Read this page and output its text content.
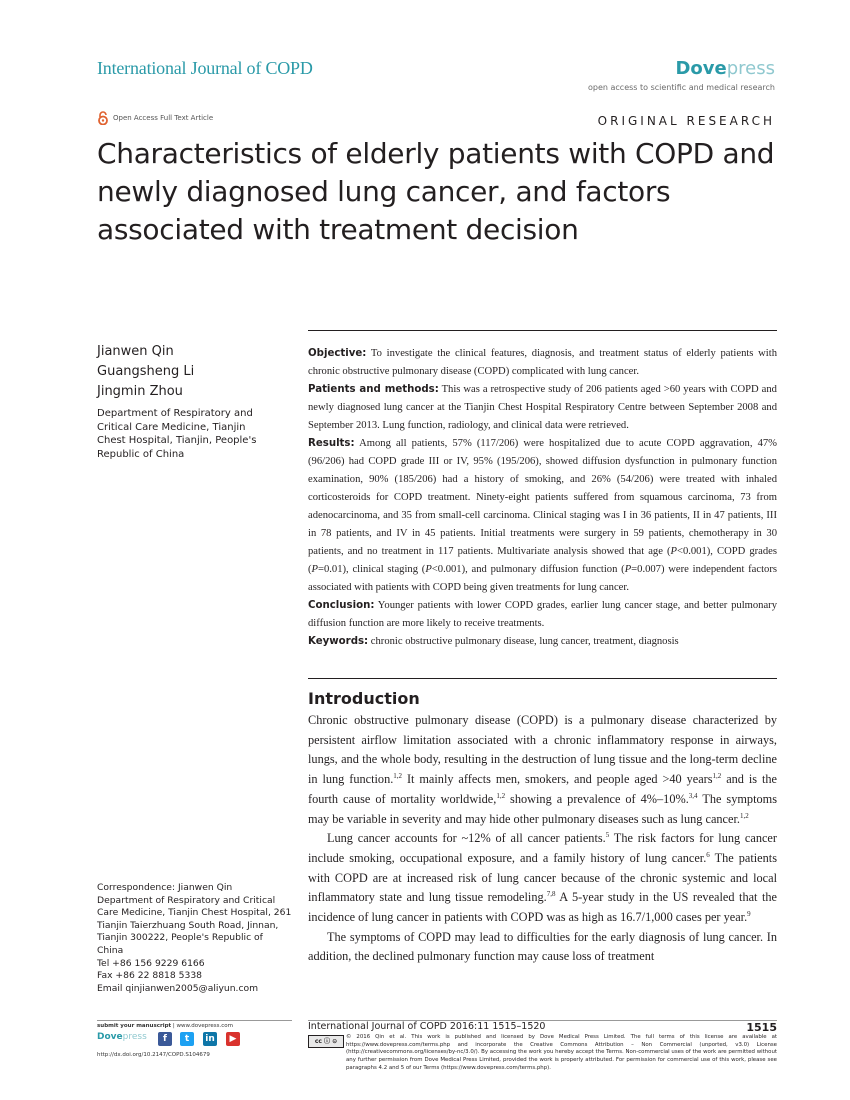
International Journal of COPD	Dovepress
open access to scientific and medical research
Open Access Full Text Article	ORIGINAL RESEARCH
Characteristics of elderly patients with COPD and newly diagnosed lung cancer, and factors associated with treatment decision
Jianwen Qin
Guangsheng Li
Jingmin Zhou
Department of Respiratory and Critical Care Medicine, Tianjin Chest Hospital, Tianjin, People's Republic of China
Correspondence: Jianwen Qin
Department of Respiratory and Critical Care Medicine, Tianjin Chest Hospital, 261 Tianjin Taierzhuang South Road, Jinnan, Tianjin 300222, People's Republic of China
Tel +86 156 9229 6166
Fax +86 22 8818 5338
Email qinjianwen2005@aliyun.com

Objective: To investigate the clinical features, diagnosis, and treatment status of elderly patients with chronic obstructive pulmonary disease (COPD) complicated with lung cancer.

Patients and methods: This was a retrospective study of 206 patients aged >60 years with COPD and newly diagnosed lung cancer at the Tianjin Chest Hospital Respiratory Centre between September 2008 and September 2013. Lung function, radiology, and clinical data were retrieved.

Results: Among all patients, 57% (117/206) were hospitalized due to acute COPD aggravation, 47% (96/206) had COPD grade III or IV, 95% (195/206), showed diffusion dysfunction in pulmonary function examination, 90% (185/206) had a history of smoking, and 26% (54/206) were treated with inhaled corticosteroids for COPD treatment. Ninety-eight patients suffered from squamous carcinoma, 73 from adenocarcinoma, and 35 from small-cell carcinoma. Clinical staging was I in 36 patients, II in 47 patients, III in 78 patients, and IV in 45 patients. Initial treatments were surgery in 59 patients, chemotherapy in 30 patients, and no treatment in 117 patients. Multivariate analysis showed that age (P<0.001), COPD grades (P=0.01), clinical staging (P<0.001), and pulmonary diffusion function (P=0.007) were independent factors associated with patients with COPD being given treatments for lung cancer.

Conclusion: Younger patients with lower COPD grades, earlier lung cancer stage, and better pulmonary diffusion function are more likely to receive treatments.

Keywords: chronic obstructive pulmonary disease, lung cancer, treatment, diagnosis

Introduction

Chronic obstructive pulmonary disease (COPD) is a pulmonary disease characterized by persistent airflow limitation associated with a chronic inflammatory response in airways, lungs, and the whole body, resulting in the destruction of lung tissue and the long-term decline in lung function.$^{1,2}$ It mainly affects men, smokers, and people aged >40 years$^{1,2}$ and is the fourth cause of mortality worldwide,$^{1,2}$ showing a prevalence of 4%–10%.$^{3,4}$ The symptoms may be variable in severity and may hide other pulmonary diseases such as lung cancer.$^{1,2}$

Lung cancer accounts for ~12% of all cancer patients.$^5$ The risk factors for lung cancer include smoking, occupational exposure, and a family history of lung cancer.$^6$ The patients with COPD are at increased risk of lung cancer because of the chronic systemic and local inflammatory state and lung tissue remodeling.$^{7,8}$ A 5-year study in the US revealed that the incidence of lung cancer in patients with COPD was as high as 16.7/1,000 cases per year.$^9$

The symptoms of COPD may lead to difficulties for the early diagnosis of lung cancer. In addition, the declined pulmonary function may cause loss of treatment

submit your manuscript | www.dovepress.com
Dovepress	f	t	in	▶
http://dx.doi.org/10.2147/COPD.S104679
International Journal of COPD 2016:11 1515–1520	1515
cc ⓘ ⊝
© 2016 Qin et al. This work is published and licensed by Dove Medical Press Limited. The full terms of this license are available at https://www.dovepress.com/terms.php and incorporate the Creative Commons Attribution – Non Commercial (unported, v3.0) License (http://creativecommons.org/licenses/by-nc/3.0/). By accessing the work you hereby accept the Terms. Non-commercial uses of the work are permitted without any further permission from Dove Medical Press Limited, provided the work is properly attributed. For permission for commercial use of this work, please see paragraphs 4.2 and 5 of our Terms (https://www.dovepress.com/terms.php).
